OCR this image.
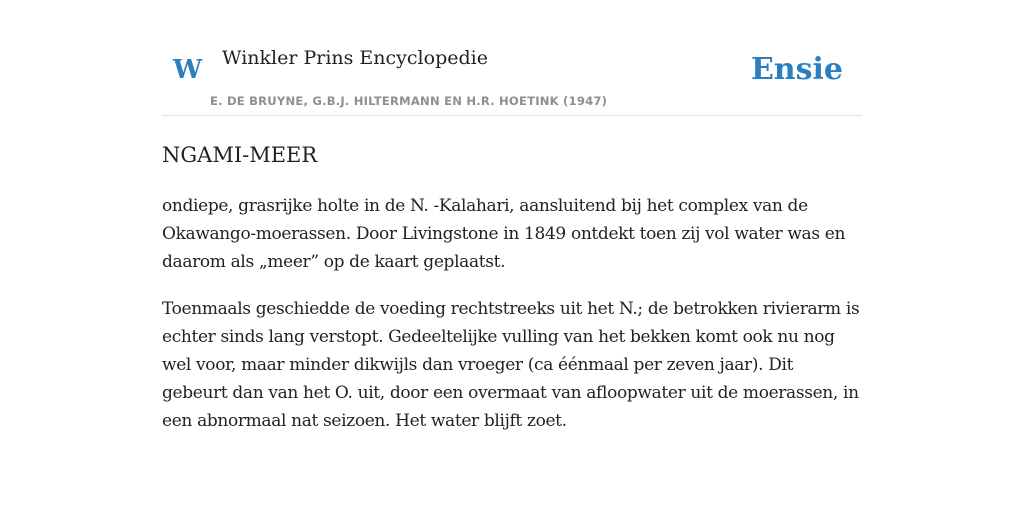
W Winkler Prins Encyclopedie
E. DE BRUYNE, G.B.J. HILTERMANN EN H.R. HOETINK (1947)
Ensie
NGAMI-MEER

ondiepe, grasrijke holte in de N. -Kalahari, aansluitend bij het complex van de Okawango-moerassen. Door Livingstone in 1849 ontdekt toen zij vol water was en daarom als „meer” op de kaart geplaatst.

Toenmaals geschiedde de voeding rechtstreeks uit het N.; de betrokken rivierarm is echter sinds lang verstopt. Gedeeltelijke vulling van het bekken komt ook nu nog wel voor, maar minder dikwijls dan vroeger (ca éénmaal per zeven jaar). Dit gebeurt dan van het O. uit, door een overmaat van afloopwater uit de moerassen, in een abnormaal nat seizoen. Het water blijft zoet.
